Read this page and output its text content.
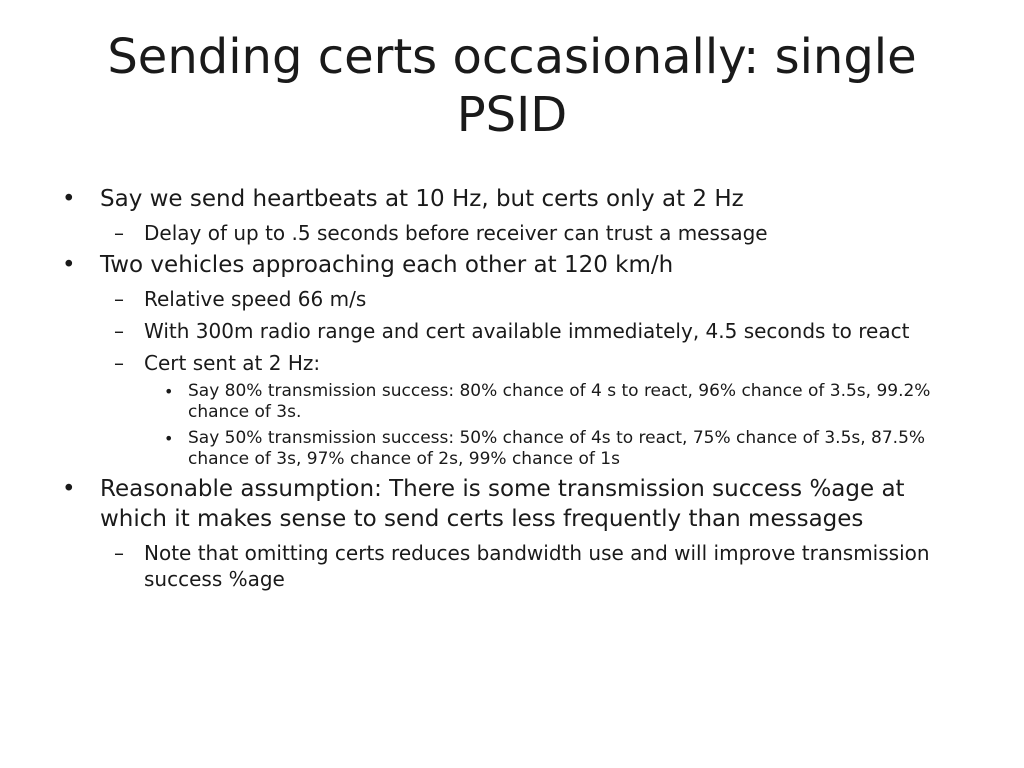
Sending certs occasionally: single PSID
• Say we send heartbeats at 10 Hz, but certs only at 2 Hz
– Delay of up to .5 seconds before receiver can trust a message
• Two vehicles approaching each other at 120 km/h
– Relative speed 66 m/s
– With 300m radio range and cert available immediately, 4.5 seconds to react
– Cert sent at 2 Hz:
• Say 80% transmission success: 80% chance of 4 s to react, 96% chance of 3.5s, 99.2% chance of 3s.
• Say 50% transmission success: 50% chance of 4s to react, 75% chance of 3.5s, 87.5% chance of 3s, 97% chance of 2s, 99% chance of 1s
• Reasonable assumption: There is some transmission success %age at which it makes sense to send certs less frequently than messages
– Note that omitting certs reduces bandwidth use and will improve transmission success %age
